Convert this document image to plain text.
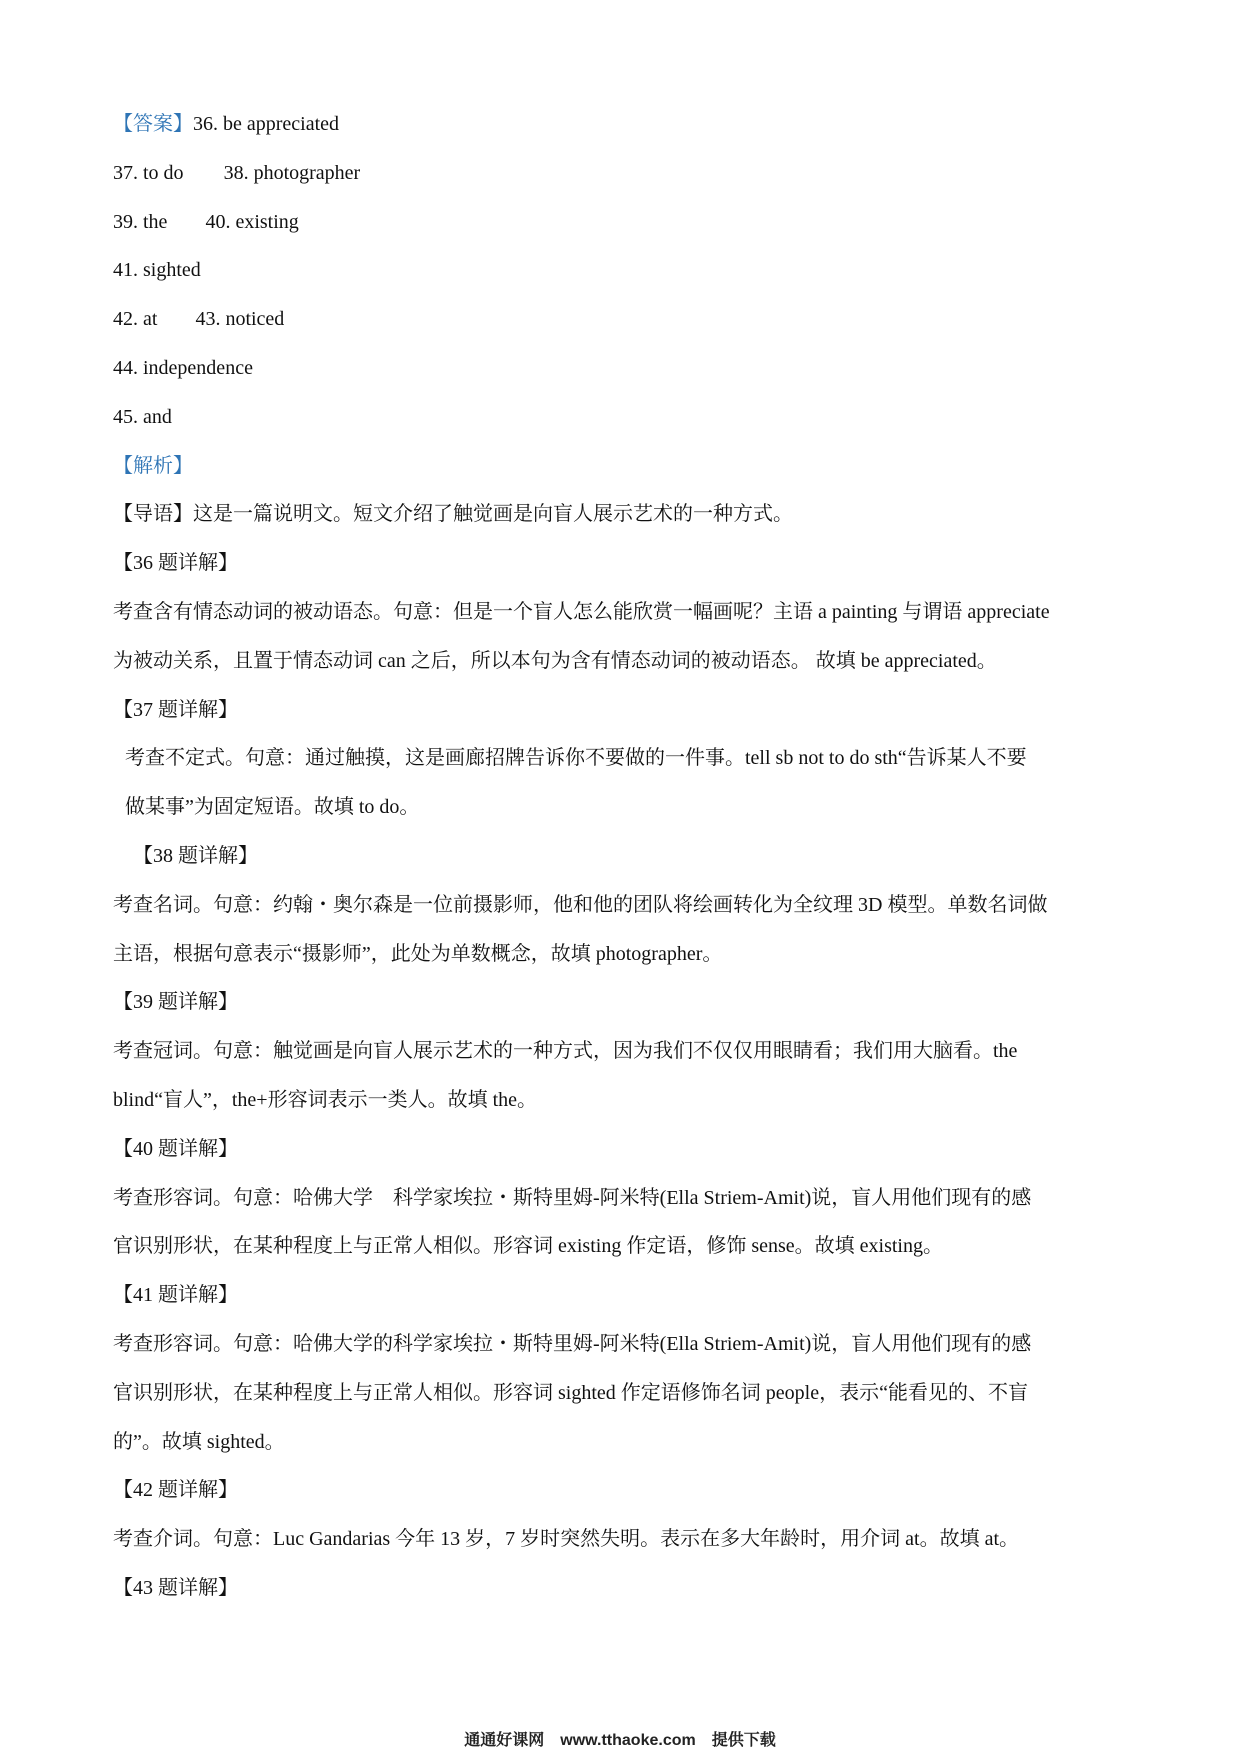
【答案】36. be appreciated
37. to do 38. photographer
39. the 40. existing
41. sighted
42. at 43. noticed
44. independence
45. and
【解析】
【导语】这是一篇说明文。短文介绍了触觉画是向盲人展示艺术的一种方式。
【36 题详解】
考查含有情态动词的被动语态。句意：但是一个盲人怎么能欣赏一幅画呢？主语 a painting 与谓语 appreciate
为被动关系，且置于情态动词 can 之后，所以本句为含有情态动词的被动语态。 故填 be appreciated。
【37 题详解】
考查不定式。句意：通过触摸，这是画廊招牌告诉你不要做的一件事。tell sb not to do sth“告诉某人不要
做某事”为固定短语。故填 to do。
【38 题详解】
考查名词。句意：约翰・奥尔森是一位前摄影师，他和他的团队将绘画转化为全纹理 3D 模型。单数名词做
主语，根据句意表示“摄影师”，此处为单数概念，故填 photographer。
【39 题详解】
考查冠词。句意：触觉画是向盲人展示艺术的一种方式，因为我们不仅仅用眼睛看；我们用大脑看。the
blind“盲人”，the+形容词表示一类人。故填 the。
【40 题详解】
考查形容词。句意：哈佛大学　科学家埃拉・斯特里姆-阿米特(Ella Striem-Amit)说，盲人用他们现有的感
官识别形状，在某种程度上与正常人相似。形容词 existing 作定语，修饰 sense。故填 existing。
【41 题详解】
考查形容词。句意：哈佛大学的科学家埃拉・斯特里姆-阿米特(Ella Striem-Amit)说，盲人用他们现有的感
官识别形状，在某种程度上与正常人相似。形容词 sighted 作定语修饰名词 people，表示“能看见的、不盲
的”。故填 sighted。
【42 题详解】
考查介词。句意：Luc Gandarias 今年 13 岁，7 岁时突然失明。表示在多大年龄时，用介词 at。故填 at。
【43 题详解】
通通好课网　www.tthaoke.com　提供下载
